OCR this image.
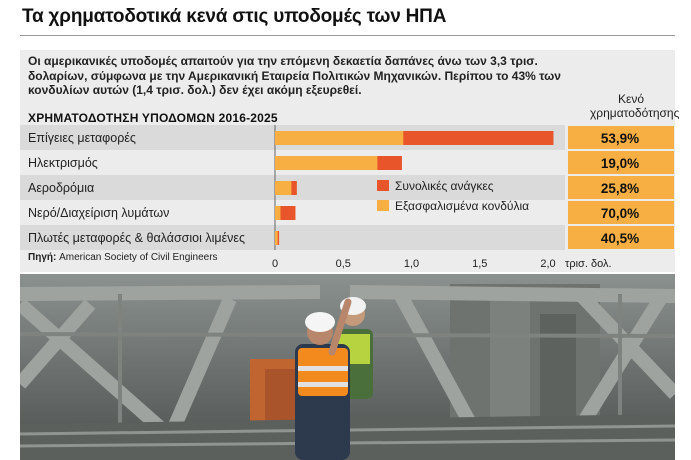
Τα χρηματοδοτικά κενά στις υποδομές των ΗΠΑ

Οι αμερικανικές υποδομές απαιτούν για την επόμενη δεκαετία δαπάνες άνω των 3,3 τρισ. δολαρίων, σύμφωνα με την Αμερικανική Εταιρεία Πολιτικών Μηχανικών. Περίπου το 43% των κονδυλίων αυτών (1,4 τρισ. δολ.) δεν έχει ακόμη εξευρεθεί.

ΧΡΗΜΑΤΟΔΟΤΗΣΗ ΥΠΟΔΟΜΩΝ 2016-2025
Κενό
χρηματοδότησης
Επίγειες μεταφορές	53,9%
Ηλεκτρισμός	19,0%
Αεροδρόμια	25,8%
Νερό/Διαχείριση λυμάτων	70,0%
Πλωτές μεταφορές & θαλάσσιοι λιμένες	40,5%
0	0,5	1,0	1,5	2,0 τρισ. δολ.
Συνολικές ανάγκες
Εξασφαλισμένα κονδύλια
Πηγή: American Society of Civil Engineers
